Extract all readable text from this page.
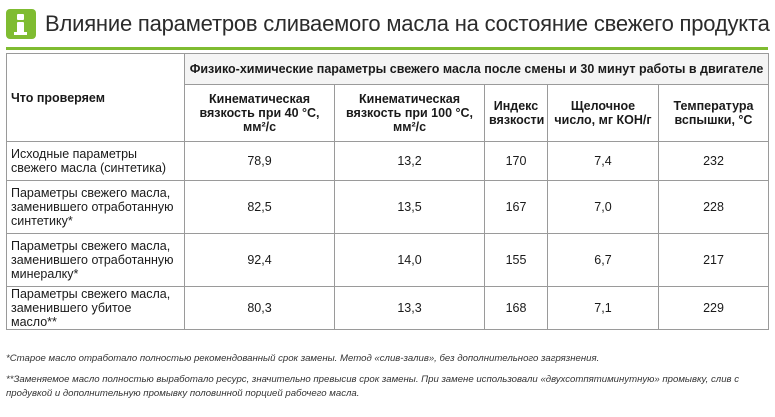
Влияние параметров сливаемого масла на состояние свежего продукта
Что проверяем	Физико-химические параметры свежего масла после смены и 30 минут работы в двигателе				
	Кинематическая вязкость при 40 °С, мм²/с	Кинематическая вязкость при 100 °С, мм²/с	Индекс вязкости	Щелочное число, мг КОН/г	Температура вспышки, °С
Исходные параметры свежего масла (синтетика)	78,9	13,2	170	7,4	232
Параметры свежего масла, заменившего отработанную синтетику*	82,5	13,5	167	7,0	228
Параметры свежего масла, заменившего отработанную минералку*	92,4	14,0	155	6,7	217
Параметры свежего масла, заменившего убитое масло**	80,3	13,3	168	7,1	229
*Старое масло отработало полностью рекомендованный срок замены. Метод «слив-залив», без дополнительного загрязнения.
**Заменяемое масло полностью выработало ресурс, значительно превысив срок замены. При замене использовали «двухсотпятиминутную» промывку, слив с продувкой и дополнительную промывку половинной порцией рабочего масла.
